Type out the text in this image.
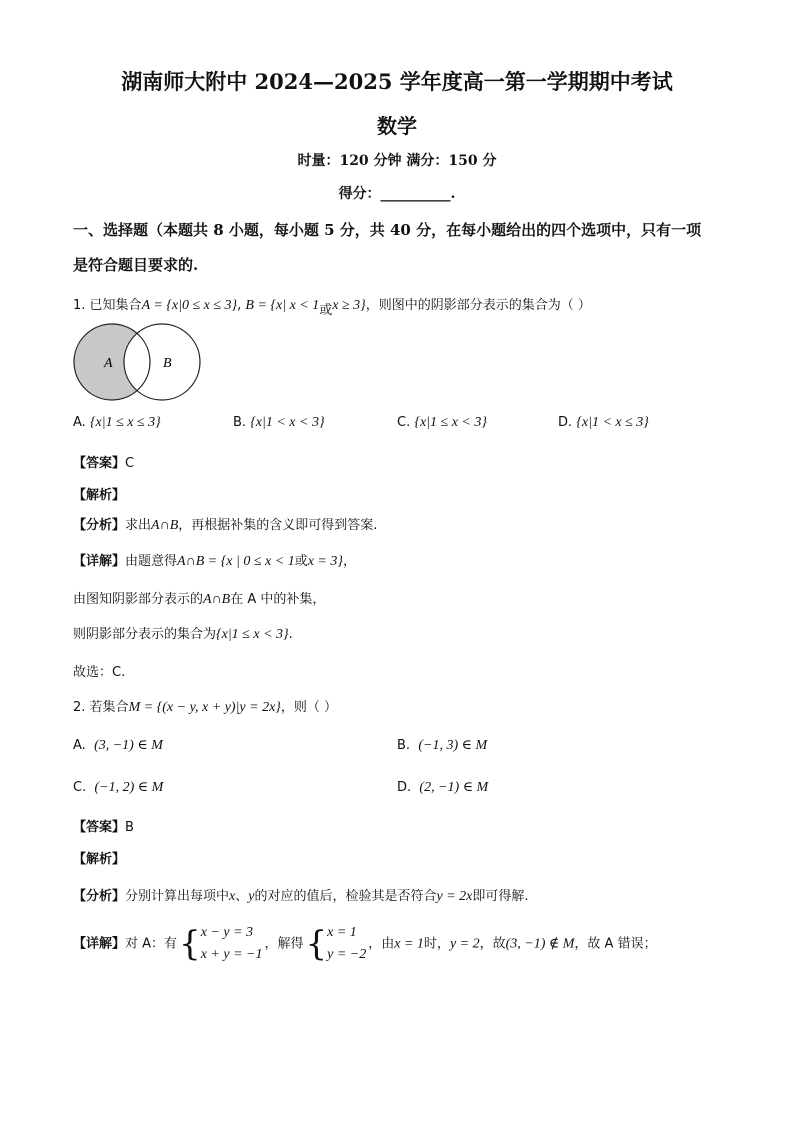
湖南师大附中 2024—2025 学年度高一第一学期期中考试
数学
时量：120 分钟 满分：150 分
得分：__________.
一、选择题（本题共 8 小题，每小题 5 分，共 40 分，在每小题给出的四个选项中，只有一项
是符合题目要求的.
1. 已知集合A = {x|0 ≤ x ≤ 3}, B = {x| x < 1或x ≥ 3}，则图中的阴影部分表示的集合为（ ）
A	B
A. {x|1 ≤ x ≤ 3}	B. {x|1 < x < 3}	C. {x|1 ≤ x < 3}	D. {x|1 < x ≤ 3}
【答案】C
【解析】
【分析】求出A∩B，再根据补集的含义即可得到答案.
【详解】由题意得A∩B = {x | 0 ≤ x < 1或x = 3}，
由图知阴影部分表示的A∩B在 A 中的补集，
则阴影部分表示的集合为{x|1 ≤ x < 3}.
故选：C.
2. 若集合M = {(x − y, x + y)|y = 2x}，则（ ）
A. (3, −1) ∈ M	B. (−1, 3) ∈ M
C. (−1, 2) ∈ M	D. (2, −1) ∈ M
【答案】B
【解析】
【分析】分别计算出每项中x、y的对应的值后，检验其是否符合y = 2x即可得解.
【详解】对 A：有 { x − y = 3
x + y = −1
，解得 { x = 1
y = −2
，由x = 1时，y = 2，故(3, −1) ∉ M，故 A 错误；
